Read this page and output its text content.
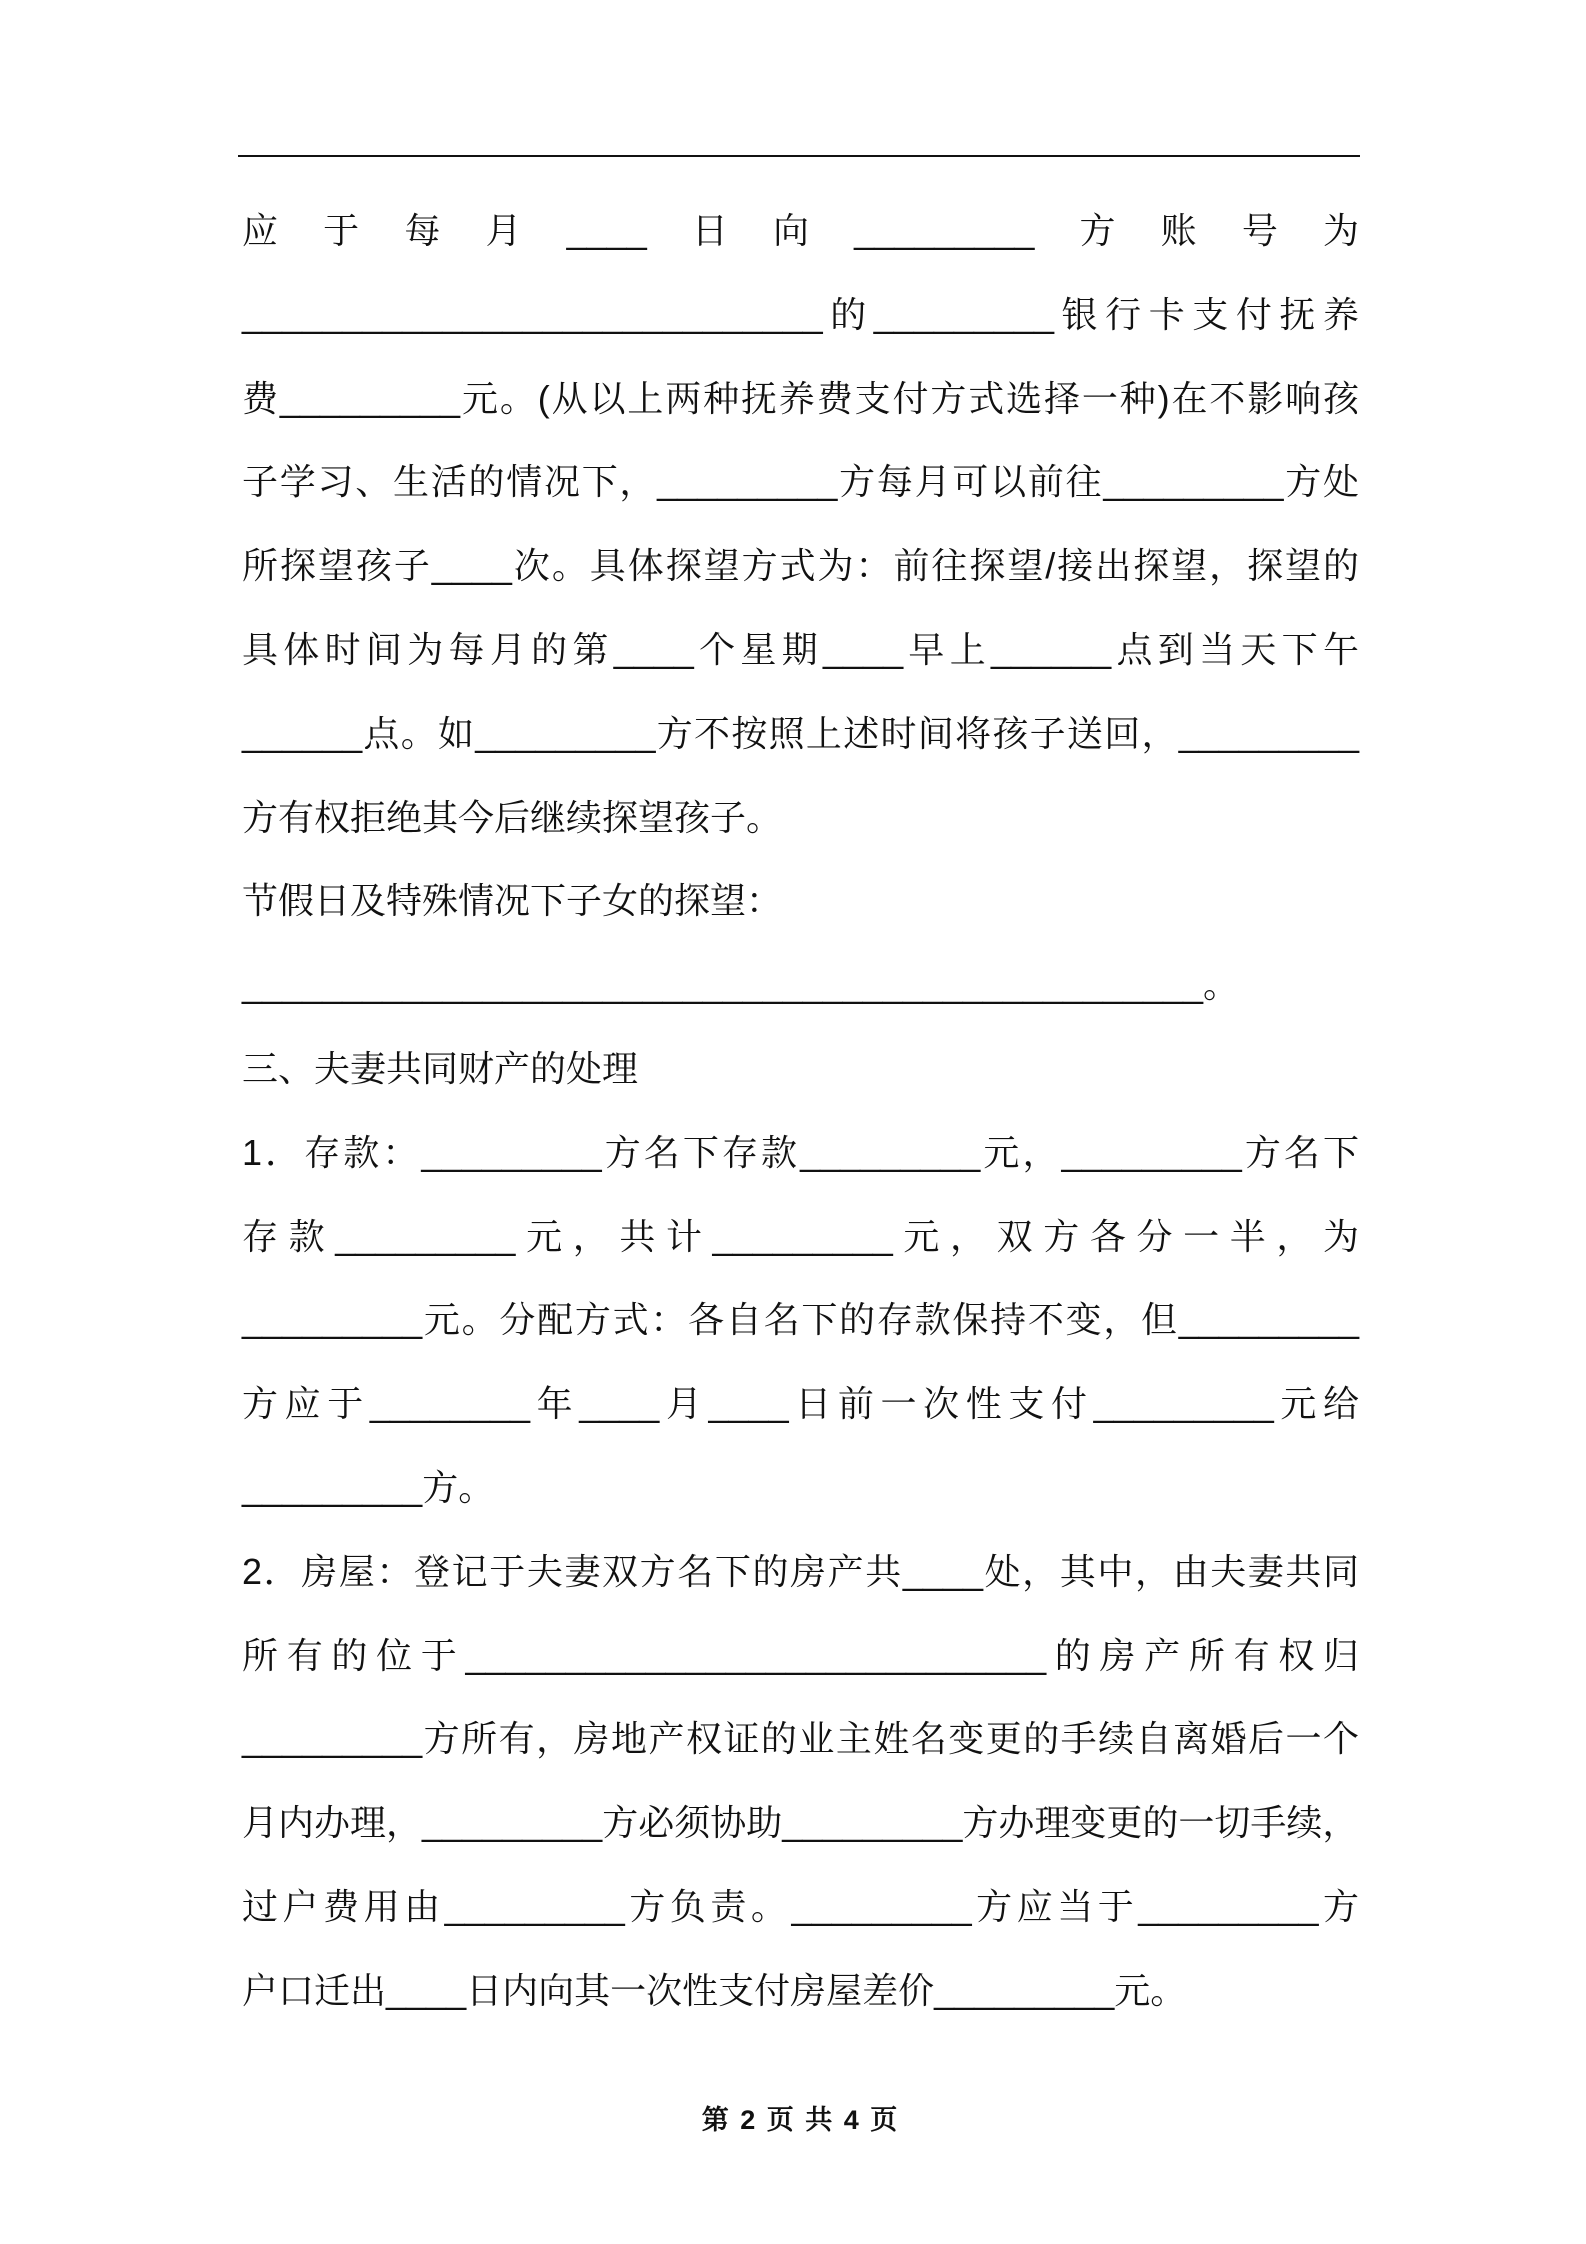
应于每月____日向_________方账号为
_____________________________的_________银行卡支付抚养
费_________元。(从以上两种抚养费支付方式选择一种)在不影响孩
子学习、生活的情况下，_________方每月可以前往_________方处
所探望孩子____次。具体探望方式为：前往探望/接出探望，探望的
具体时间为每月的第____个星期____早上______点到当天下午
______点。如_________方不按照上述时间将孩子送回，_________
方有权拒绝其今后继续探望孩子。
节假日及特殊情况下子女的探望：
________________________________________________。
三、夫妻共同财产的处理
1．存款：_________方名下存款_________元，_________方名下
存款_________元，共计_________元，双方各分一半，为
_________元。分配方式：各自名下的存款保持不变，但_________
方应于________年____月____日前一次性支付_________元给
_________方。
2．房屋：登记于夫妻双方名下的房产共____处，其中，由夫妻共同
所有的位于_____________________________的房产所有权归
_________方所有，房地产权证的业主姓名变更的手续自离婚后一个
月内办理，_________方必须协助_________方办理变更的一切手续，
过户费用由_________方负责。_________方应当于_________方
户口迁出____日内向其一次性支付房屋差价_________元。
第 2 页 共 4 页
